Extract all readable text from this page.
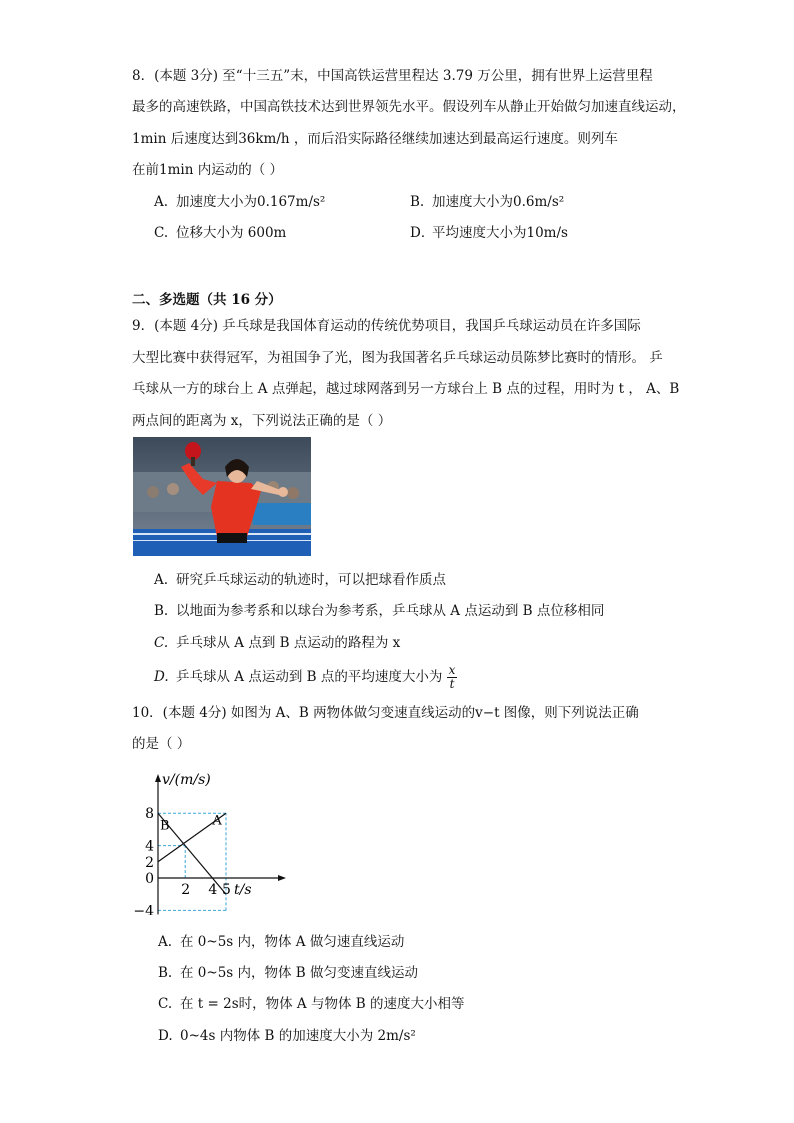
8．(本题 3分) 至“十三五”末，中国高铁运营里程达 3.79 万公里，拥有世界上运营里程
最多的高速铁路，中国高铁技术达到世界领先水平。假设列车从静止开始做匀加速直线运动，
1min 后速度达到36km/h ，而后沿实际路径继续加速达到最高运行速度。则列车
在前1min 内运动的（ ）
A. 加速度大小为0.167m/s²	B. 加速度大小为0.6m/s²
C. 位移大小为 600m	D．平均速度大小为10m/s
二、多选题（共 16 分）
9．(本题 4分) 乒乓球是我国体育运动的传统优势项目，我国乒乓球运动员在许多国际
大型比赛中获得冠军，为祖国争了光，图为我国著名乒乓球运动员陈梦比赛时的情形。 乒
乓球从一方的球台上 A 点弹起，越过球网落到另一方球台上 B 点的过程，用时为 t ， A、B
两点间的距离为 x，下列说法正确的是（ ）
A. 研究乒乓球运动的轨迹时，可以把球看作质点
B. 以地面为参考系和以球台为参考系，乒乓球从 A 点运动到 B 点位移相同
C. 乒乓球从 A 点到 B 点运动的路程为 x
D. 乒乓球从 A 点运动到 B 点的平均速度大小为 $\frac{x}{t}$
10．(本题 4分) 如图为 A、B 两物体做匀变速直线运动的v−t 图像，则下列说法正确
的是（ ）
A
B
8
4
2
0
−4
2 4 5
v/(m/s)
t/s
A. 在 0~5s 内，物体 A 做匀速直线运动
B. 在 0~5s 内，物体 B 做匀变速直线运动
C. 在 t = 2s时，物体 A 与物体 B 的速度大小相等
D. 0~4s 内物体 B 的加速度大小为 2m/s²
